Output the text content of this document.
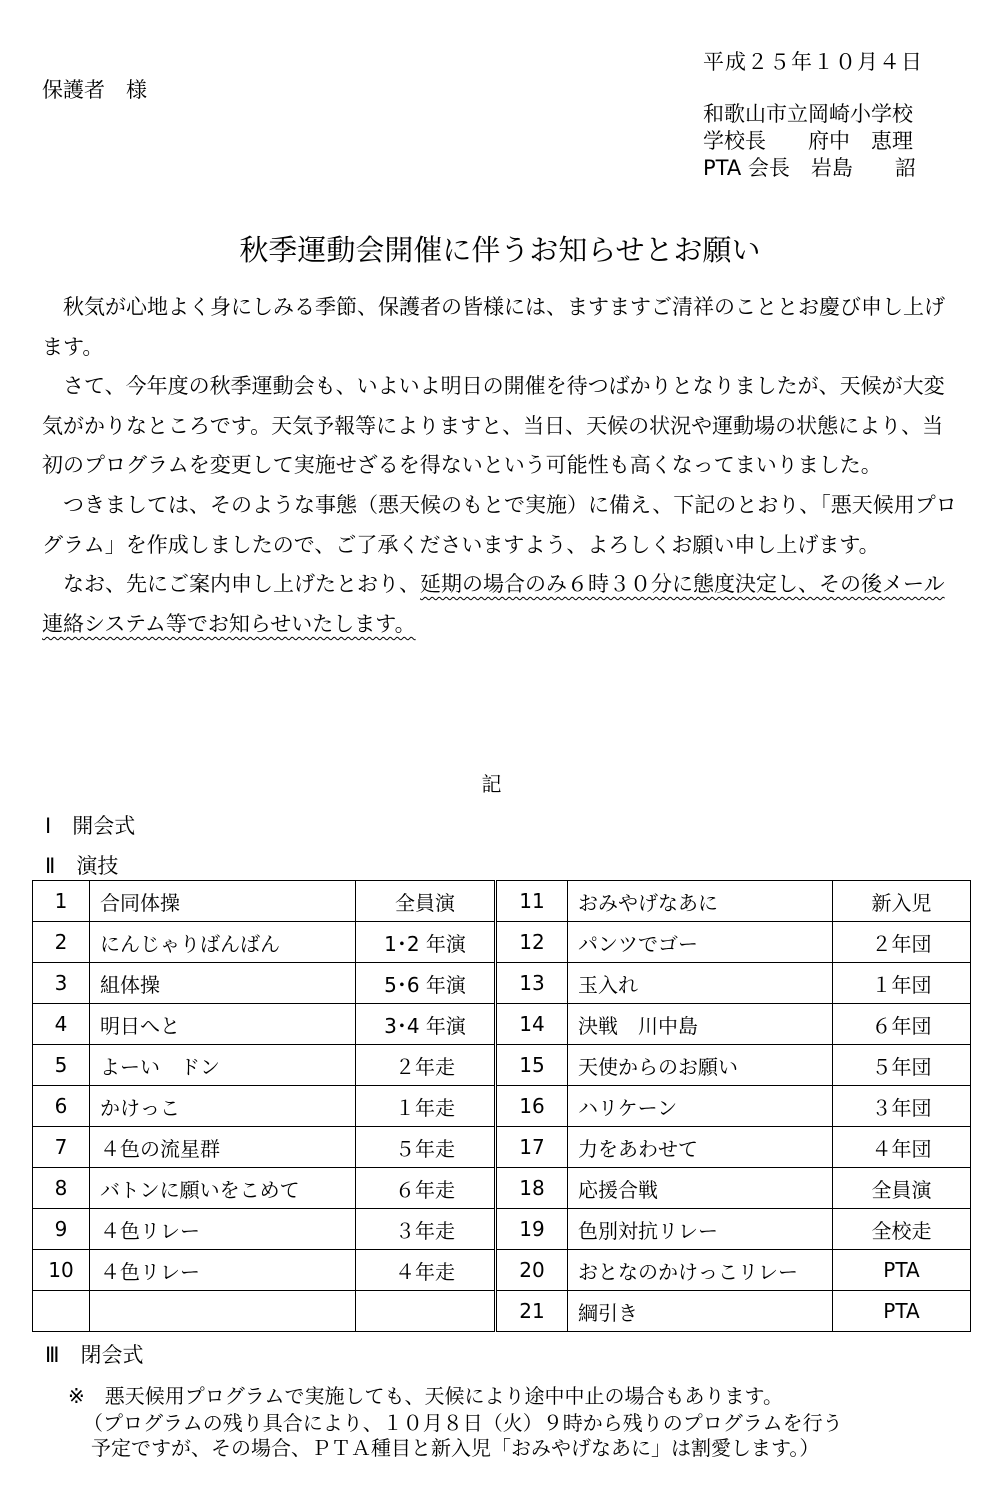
平成２５年１０月４日
保護者　様
和歌山市立岡崎小学校
学校長　　府中　恵理
PTA 会長　岩島　　詔
秋季運動会開催に伴うお知らせとお願い

　秋気が心地よく身にしみる季節、保護者の皆様には、ますますご清祥のこととお慶び申し上げます。

　さて、今年度の秋季運動会も、いよいよ明日の開催を待つばかりとなりましたが、天候が大変気がかりなところです。天気予報等によりますと、当日、天候の状況や運動場の状態により、当初のプログラムを変更して実施せざるを得ないという可能性も高くなってまいりました。

　つきましては、そのような事態（悪天候のもとで実施）に備え、下記のとおり、「悪天候用プログラム」を作成しましたので、ご了承くださいますよう、よろしくお願い申し上げます。

　なお、先にご案内申し上げたとおり、延期の場合のみ６時３０分に態度決定し、その後メール連絡システム等でお知らせいたします。

記
Ⅰ　開会式
Ⅱ　演技
1	合同体操	全員演	11	おみやげなあに	新入児
2	にんじゃりばんばん	1･2 年演	12	パンツでゴー	２年団
3	組体操	5･6 年演	13	玉入れ	１年団
4	明日へと	3･4 年演	14	決戦　川中島	６年団
5	よーい　ドン	２年走	15	天使からのお願い	５年団
6	かけっこ	１年走	16	ハリケーン	３年団
7	４色の流星群	５年走	17	力をあわせて	４年団
8	バトンに願いをこめて	６年走	18	応援合戦	全員演
9	４色リレー	３年走	19	色別対抗リレー	全校走
10	４色リレー	４年走	20	おとなのかけっこリレー	PTA
			21	綱引き	PTA
Ⅲ　閉会式
※　悪天候用プログラムで実施しても、天候により途中中止の場合もあります。
（プログラムの残り具合により、１０月８日（火）９時から残りのプログラムを行う
予定ですが、その場合、ＰＴＡ種目と新入児「おみやげなあに」は割愛します。）
